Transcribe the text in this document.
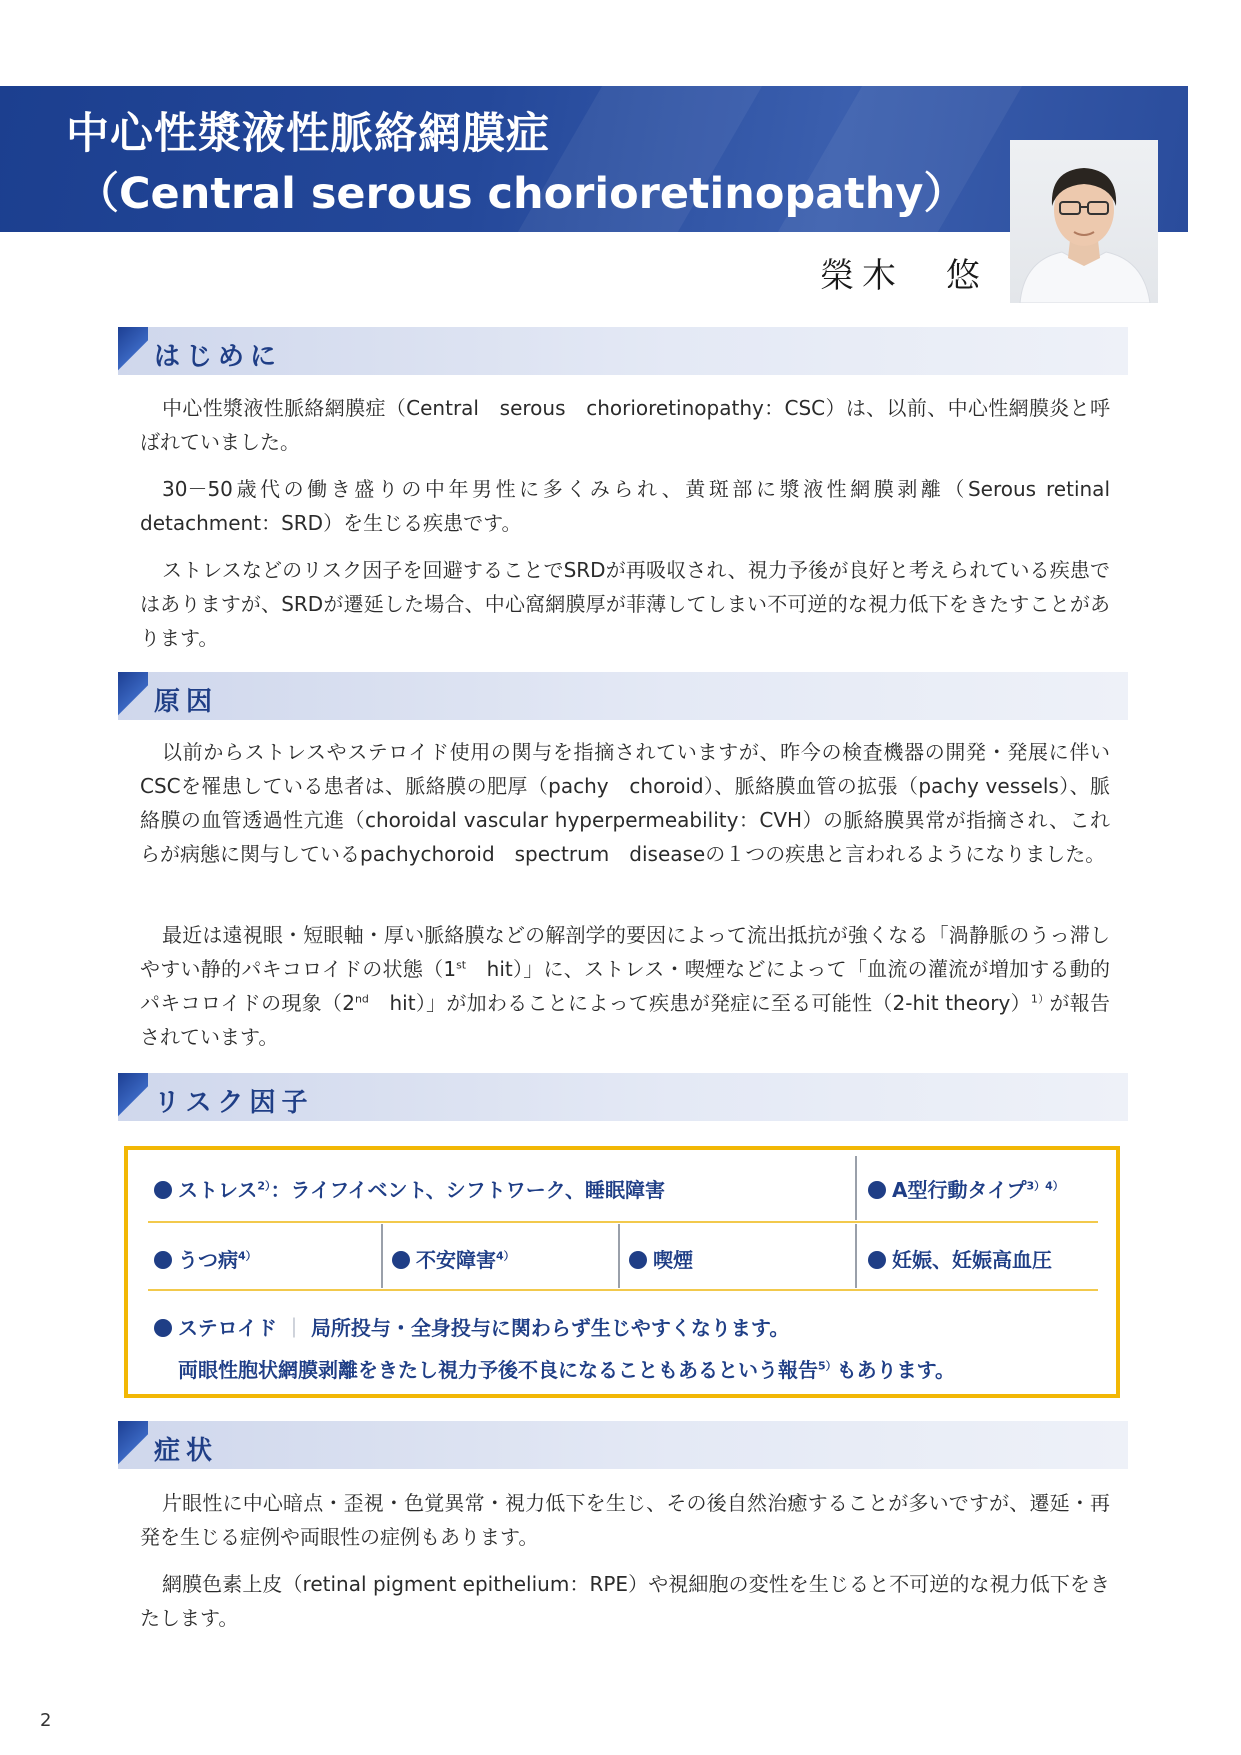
中心性漿液性脈絡網膜症
（Central serous chorioretinopathy）
榮木　悠
はじめに

中心性漿液性脈絡網膜症（Central　serous　chorioretinopathy：CSC）は、以前、中心性網膜炎と呼ばれていました。

30－50歳代の働き盛りの中年男性に多くみられ、黄斑部に漿液性網膜剥離（Serous retinal detachment：SRD）を生じる疾患です。

ストレスなどのリスク因子を回避することでSRDが再吸収され、視力予後が良好と考えられている疾患ではありますが、SRDが遷延した場合、中心窩網膜厚が菲薄してしまい不可逆的な視力低下をきたすことがあります。

原因

以前からストレスやステロイド使用の関与を指摘されていますが、昨今の検査機器の開発・発展に伴いCSCを罹患している患者は、脈絡膜の肥厚（pachy　choroid）、脈絡膜血管の拡張（pachy vessels）、脈絡膜の血管透過性亢進（choroidal vascular hyperpermeability：CVH）の脈絡膜異常が指摘され、これらが病態に関与しているpachychoroid　spectrum　diseaseの１つの疾患と言われるようになりました。

最近は遠視眼・短眼軸・厚い脈絡膜などの解剖学的要因によって流出抵抗が強くなる「渦静脈のうっ滞しやすい静的パキコロイドの状態（1st　hit）」に、ストレス・喫煙などによって「血流の灌流が増加する動的パキコロイドの現象（2nd　hit）」が加わることによって疾患が発症に至る可能性（2-hit theory）$^{1)}$が報告されています。

リスク因子
ストレス$^{2)}$：ライフイベント、シフトワーク、睡眠障害	A型行動タイプ$^{3)4)}$
うつ病$^{4)}$	不安障害$^{4)}$	喫煙	妊娠、妊娠高血圧
ステロイド ｜ 局所投与・全身投与に関わらず生じやすくなります。
両眼性胞状網膜剥離をきたし視力予後不良になることもあるという報告$^{5)}$もあります。
症状

片眼性に中心暗点・歪視・色覚異常・視力低下を生じ、その後自然治癒することが多いですが、遷延・再発を生じる症例や両眼性の症例もあります。

網膜色素上皮（retinal pigment epithelium：RPE）や視細胞の変性を生じると不可逆的な視力低下をきたします。

2
